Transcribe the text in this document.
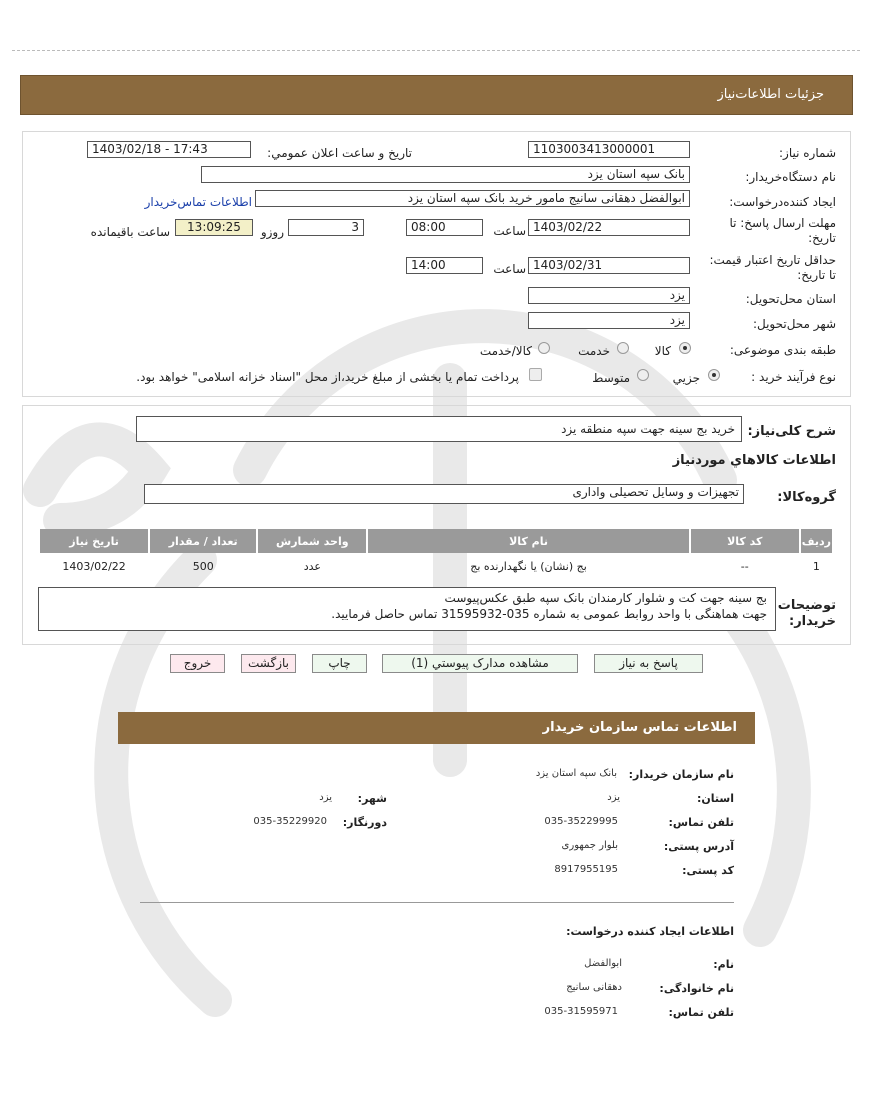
جزئیات اطلاعات‌نیاز
شماره نیاز:
1103003413000001
تاریخ و ساعت اعلان عمومي:
1403/02/18 - 17:43
نام دستگاه‌خریدار:
بانک سپه استان یزد
ایجاد کننده‌درخواست:
ابوالفضل دهقانی سانیج مامور خرید بانک سپه استان یزد
اطلاعات تماس‌خریدار
مهلت ارسال پاسخ: تا تاریخ:
1403/02/22
ساعت
08:00
3
روزو
13:09:25
ساعت باقیمانده
حداقل تاریخ اعتبار قیمت: تا تاریخ:
1403/02/31
ساعت
14:00
استان محل‌تحویل:
یزد
شهر محل‌تحویل:
یزد
طبقه بندی موضوعی:
کالا
خدمت
کالا/خدمت
نوع فرآیند خرید :
جزیي
متوسط
پرداخت تمام یا بخشی از مبلغ خرید،از محل "اسناد خزانه اسلامی" خواهد بود.
شرح کلی‌نیاز:
خرید بج سینه جهت سپه منطقه یزد
اطلاعات کالاهاي موردنیاز
گروه‌کالا:
تجهیزات و وسایل تحصیلی واداری
ردیف	کد کالا	نام کالا	واحد شمارش	تعداد / مقدار	تاریخ نیاز
1	--	بج (نشان) یا نگهدارنده بج	عدد	500	1403/02/22
توضیحات
خریدار:
بج سینه جهت کت و شلوار کارمندان بانک سپه طبق عکس‌پیوست
جهت هماهنگی با واحد روابط عمومی به شماره 035-31595932 تماس حاصل فرمایید.
پاسخ به نیاز
مشاهده مدارک پیوستي (1)
چاپ
بازگشت
خروج
اطلاعات تماس سازمان خریدار
نام سازمان خریدار:
بانک سپه استان یزد
استان:
یزد
شهر:
یزد
تلفن تماس:
035-35229995
دورنگار:
035-35229920
آدرس پستی:
بلوار جمهوری
کد پستی:
8917955195
اطلاعات ایجاد کننده درخواست:
نام:
ابوالفضل
نام خانوادگی:
دهقانی سانیج
تلفن تماس:
035-31595971
